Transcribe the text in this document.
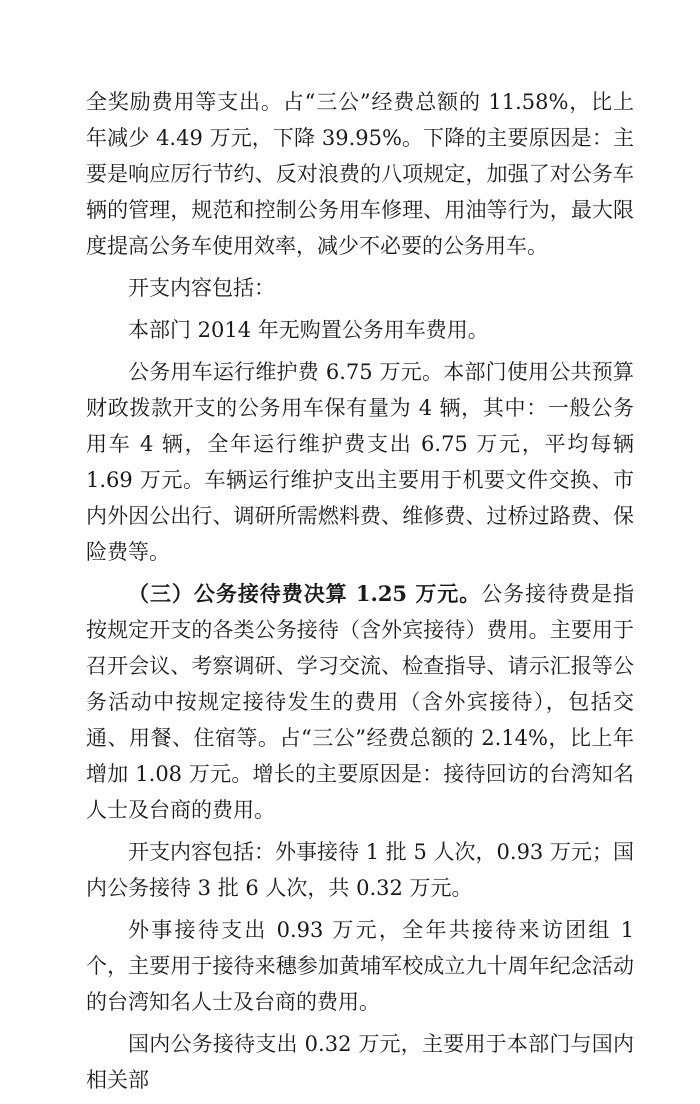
全奖励费用等支出。占“三公”经费总额的 11.58%，比上年减少 4.49 万元，下降 39.95%。下降的主要原因是：主要是响应厉行节约、反对浪费的八项规定，加强了对公务车辆的管理，规范和控制公务用车修理、用油等行为，最大限度提高公务车使用效率，减少不必要的公务用车。

开支内容包括：

本部门 2014 年无购置公务用车费用。

公务用车运行维护费 6.75 万元。本部门使用公共预算财政拨款开支的公务用车保有量为 4 辆，其中：一般公务用车 4 辆，全年运行维护费支出 6.75 万元，平均每辆 1.69 万元。车辆运行维护支出主要用于机要文件交换、市内外因公出行、调研所需燃料费、维修费、过桥过路费、保险费等。

（三）公务接待费决算 1.25 万元。公务接待费是指按规定开支的各类公务接待（含外宾接待）费用。主要用于召开会议、考察调研、学习交流、检查指导、请示汇报等公务活动中按规定接待发生的费用（含外宾接待），包括交通、用餐、住宿等。占“三公”经费总额的 2.14%，比上年增加 1.08 万元。增长的主要原因是：接待回访的台湾知名人士及台商的费用。

开支内容包括：外事接待 1 批 5 人次，0.93 万元；国内公务接待 3 批 6 人次，共 0.32 万元。

外事接待支出 0.93 万元，全年共接待来访团组 1 个，主要用于接待来穗参加黄埔军校成立九十周年纪念活动的台湾知名人士及台商的费用。

国内公务接待支出 0.32 万元，主要用于本部门与国内相关部
